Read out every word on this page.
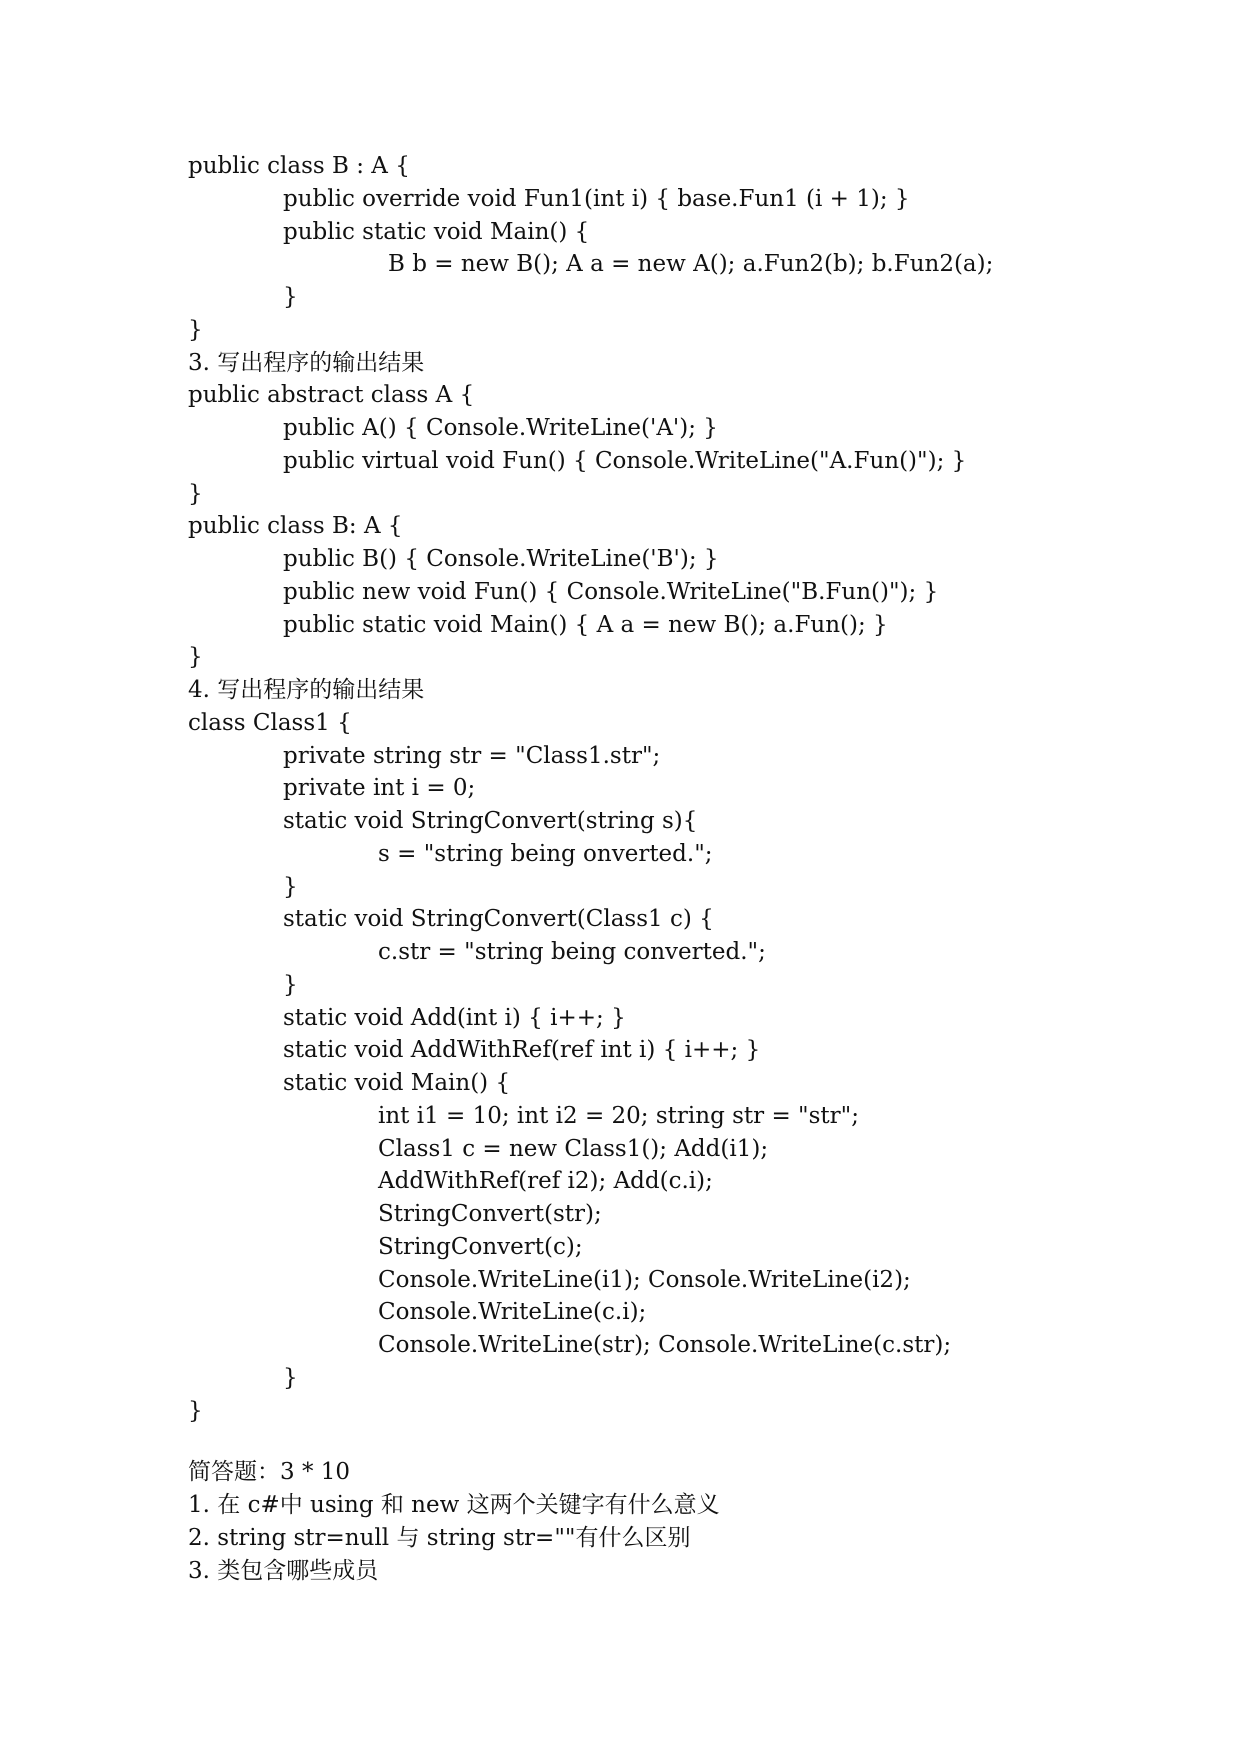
public class B : A {
public override void Fun1(int i) { base.Fun1 (i + 1); }
public static void Main() {
B b = new B(); A a = new A(); a.Fun2(b); b.Fun2(a);
}
}
3. 写出程序的输出结果
public abstract class A {
public A() { Console.WriteLine('A'); }
public virtual void Fun() { Console.WriteLine("A.Fun()"); }
}
public class B: A {
public B() { Console.WriteLine('B'); }
public new void Fun() { Console.WriteLine("B.Fun()"); }
public static void Main() { A a = new B(); a.Fun(); }
}
4. 写出程序的输出结果
class Class1 {
private string str = "Class1.str";
private int i = 0;
static void StringConvert(string s){
s = "string being onverted.";
}
static void StringConvert(Class1 c) {
c.str = "string being converted.";
}
static void Add(int i) { i++; }
static void AddWithRef(ref int i) { i++; }
static void Main() {
int i1 = 10; int i2 = 20; string str = "str";
Class1 c = new Class1(); Add(i1);
AddWithRef(ref i2); Add(c.i);
StringConvert(str);
StringConvert(c);
Console.WriteLine(i1); Console.WriteLine(i2);
Console.WriteLine(c.i);
Console.WriteLine(str); Console.WriteLine(c.str);
}
}
简答题：3 * 10
1. 在 c#中 using 和 new 这两个关键字有什么意义
2. string str=null 与 string str=""有什么区别
3. 类包含哪些成员
